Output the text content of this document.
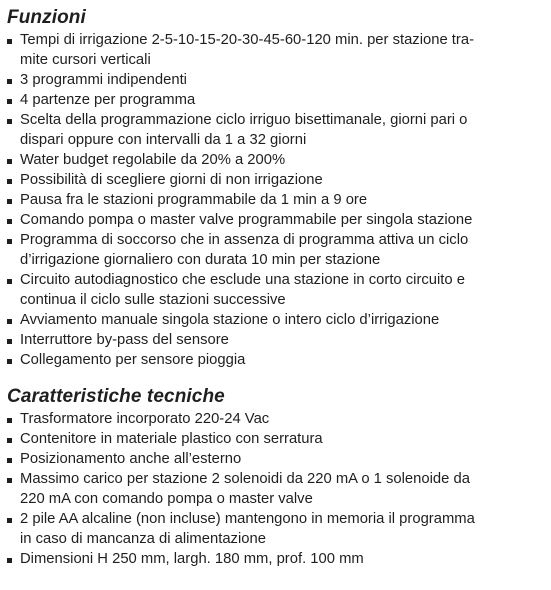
Funzioni
Tempi di irrigazione 2-5-10-15-20-30-45-60-120 min. per stazione tra-
mite cursori verticali
3 programmi indipendenti
4 partenze per programma
Scelta della programmazione ciclo irriguo bisettimanale, giorni pari o
dispari oppure con intervalli da 1 a 32 giorni
Water budget regolabile da 20% a 200%
Possibilità di scegliere giorni di non irrigazione
Pausa fra le stazioni programmabile da 1 min a 9 ore
Comando pompa o master valve programmabile per singola stazione
Programma di soccorso che in assenza di programma attiva un ciclo
d’irrigazione giornaliero con durata 10 min per stazione
Circuito autodiagnostico che esclude una stazione in corto circuito e
continua il ciclo sulle stazioni successive
Avviamento manuale singola stazione o intero ciclo d’irrigazione
Interruttore by-pass del sensore
Collegamento per sensore pioggia
Caratteristiche tecniche
Trasformatore incorporato 220-24 Vac
Contenitore in materiale plastico con serratura
Posizionamento anche all’esterno
Massimo carico per stazione 2 solenoidi da 220 mA o 1 solenoide da
220 mA con comando pompa o master valve
2 pile AA alcaline (non incluse) mantengono in memoria il programma
in caso di mancanza di alimentazione
Dimensioni H 250 mm, largh. 180 mm, prof. 100 mm
